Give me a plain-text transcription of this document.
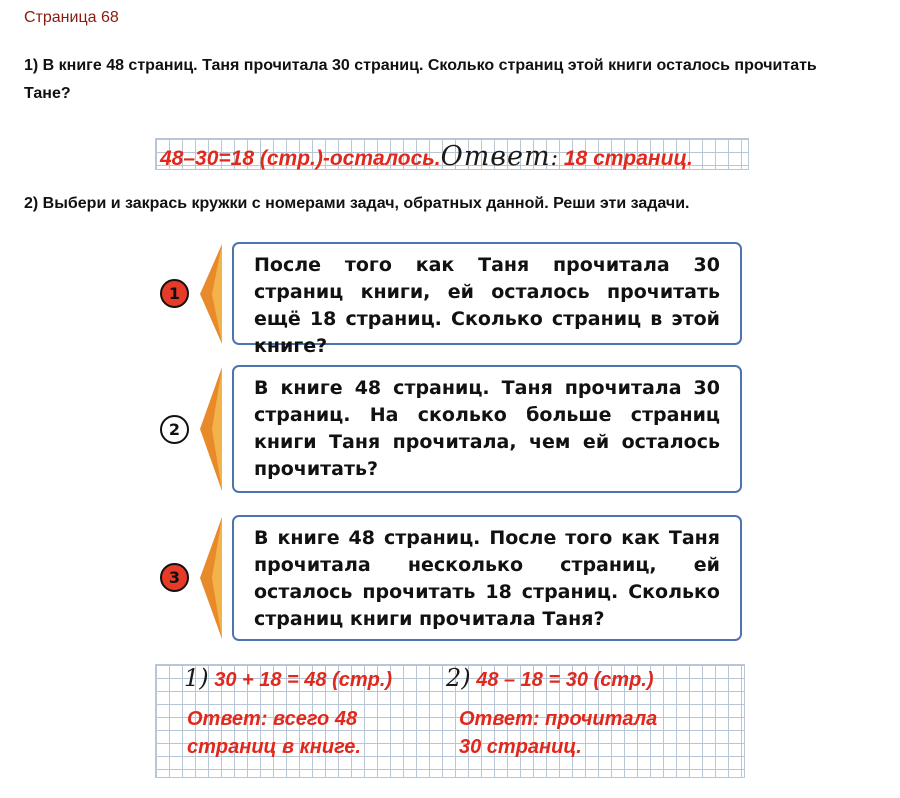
Страница 68
1) В книге 48 страниц. Таня прочитала 30 страниц. Сколько страниц этой книги осталось прочитать Тане?
48–30=18 (стр.)-осталось.Ответ: 18 страниц.
2) Выбери и закрась кружки с номерами задач, обратных данной. Реши эти задачи.
1
После того как Таня прочитала 30 страниц книги, ей осталось прочитать ещё 18 страниц. Сколько страниц в этой книге?
2
В книге 48 страниц. Таня прочитала 30 страниц. На сколько больше страниц книги Таня прочитала, чем ей осталось прочитать?
3
В книге 48 страниц. После того как Таня прочитала несколько страниц, ей осталось прочитать 18 страниц. Сколько страниц книги прочитала Таня?
1) 30 + 18 = 48 (стр.) 2) 48 – 18 = 30 (стр.)
Ответ: всего 48
страниц в книге.
Ответ: прочитала
30 страниц.
